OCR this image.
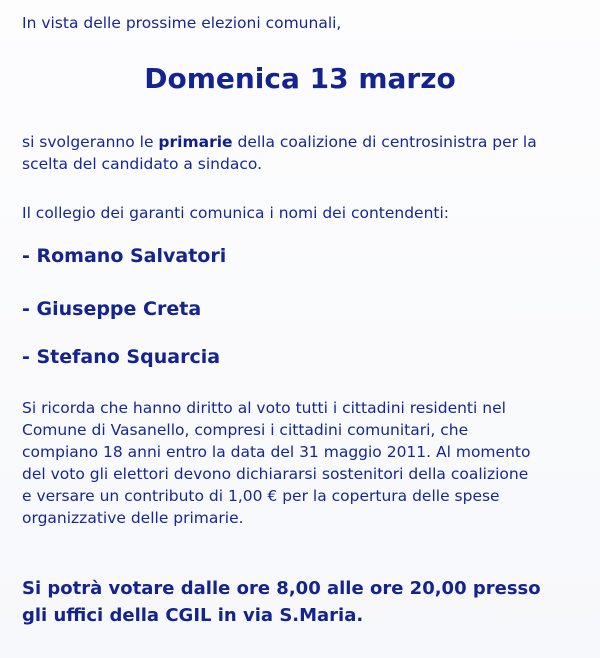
In vista delle prossime elezioni comunali,
Domenica 13 marzo
si svolgeranno le primarie della coalizione di centrosinistra per la
scelta del candidato a sindaco.
Il collegio dei garanti comunica i nomi dei contendenti:
- Romano Salvatori
- Giuseppe Creta
- Stefano Squarcia
Si ricorda che hanno diritto al voto tutti i cittadini residenti nel
Comune di Vasanello, compresi i cittadini comunitari, che
compiano 18 anni entro la data del 31 maggio 2011. Al momento
del voto gli elettori devono dichiararsi sostenitori della coalizione
e versare un contributo di 1,00 € per la copertura delle spese
organizzative delle primarie.
Si potrà votare dalle ore 8,00 alle ore 20,00 presso
gli uffici della CGIL in via S.Maria.
